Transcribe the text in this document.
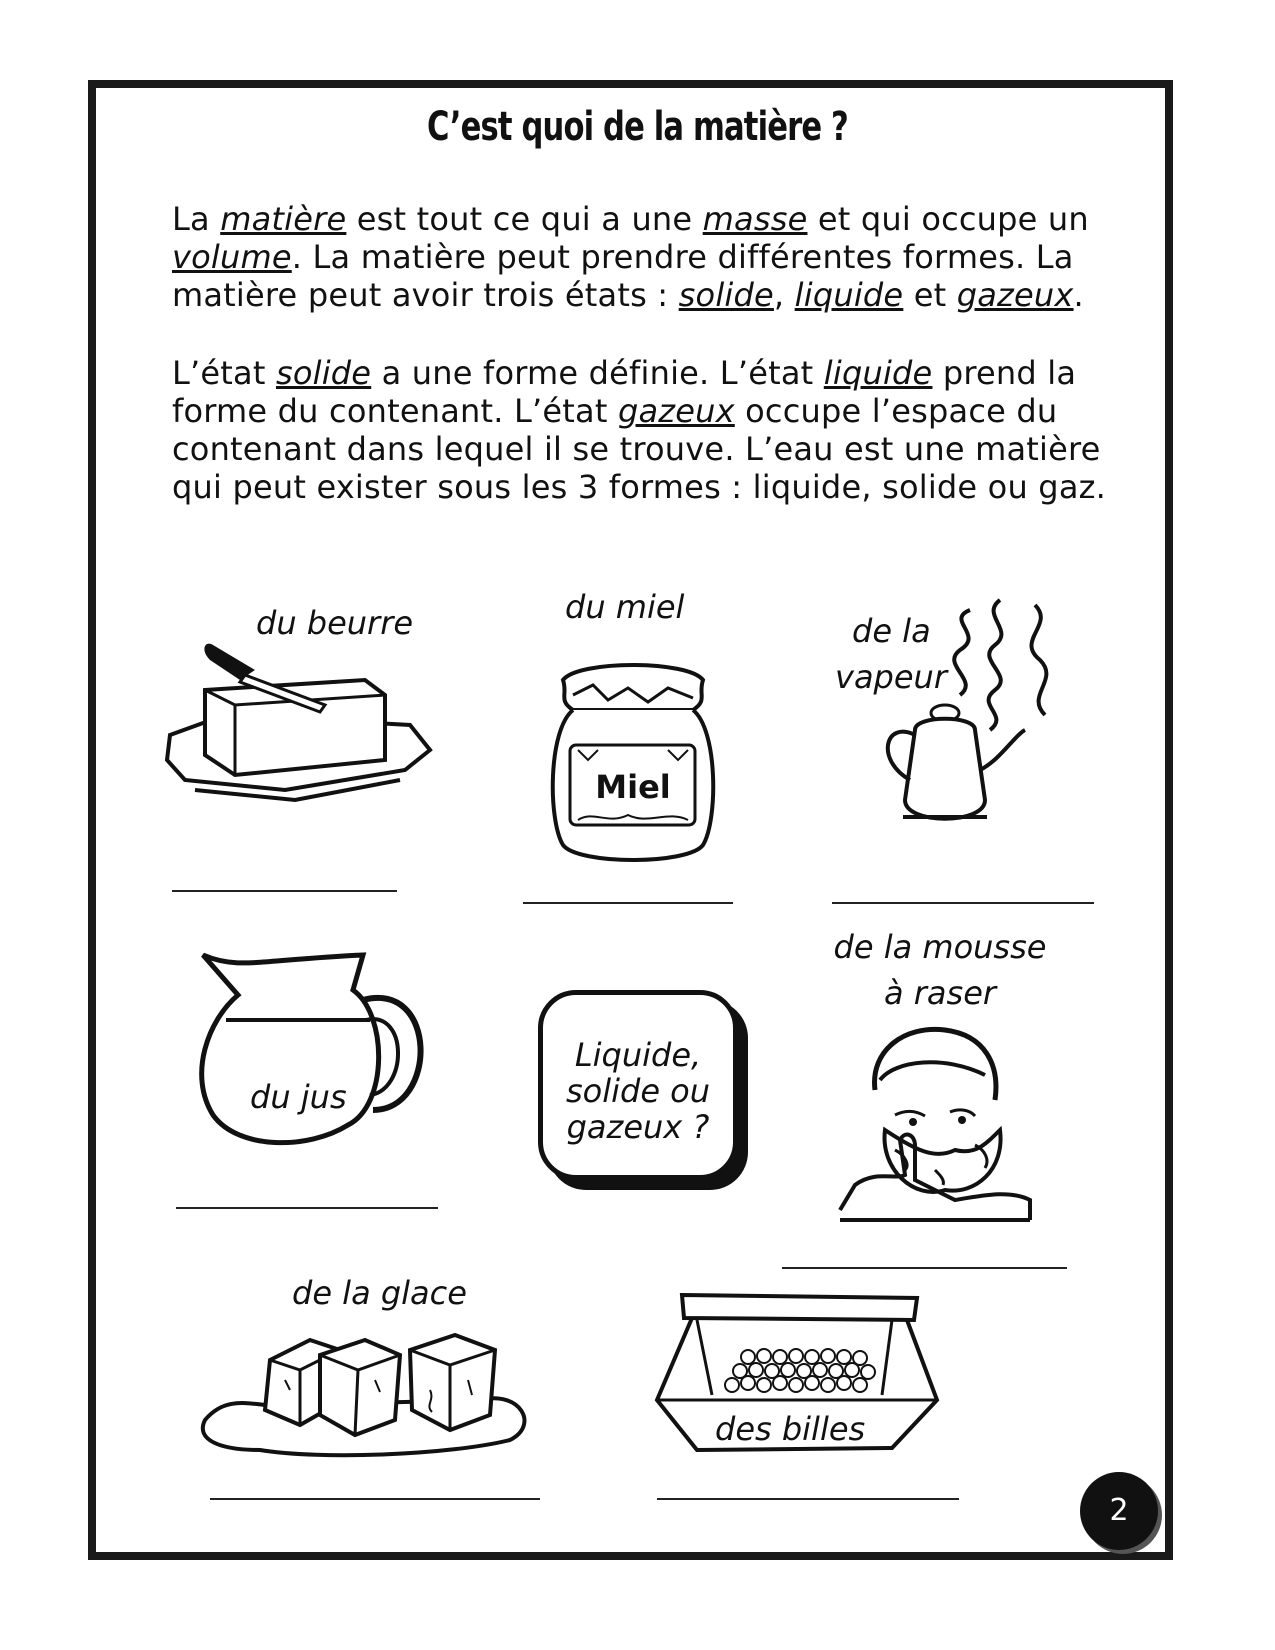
C’est quoi de la matière ?
La matière est tout ce qui a une masse et qui occupe un volume. La matière peut prendre différentes formes. La matière peut avoir trois états : solide, liquide et gazeux.
L’état solide a une forme définie. L’état liquide prend la forme du contenant. L’état gazeux occupe l’espace du contenant dans lequel il se trouve. L’eau est une matière qui peut exister sous les 3 formes : liquide, solide ou gaz.
du beurre	du miel
Miel
de la
vapeur
du jus
Liquide,
solide ou
gazeux ?
de la mousse
à raser
de la glace
des billes
2
